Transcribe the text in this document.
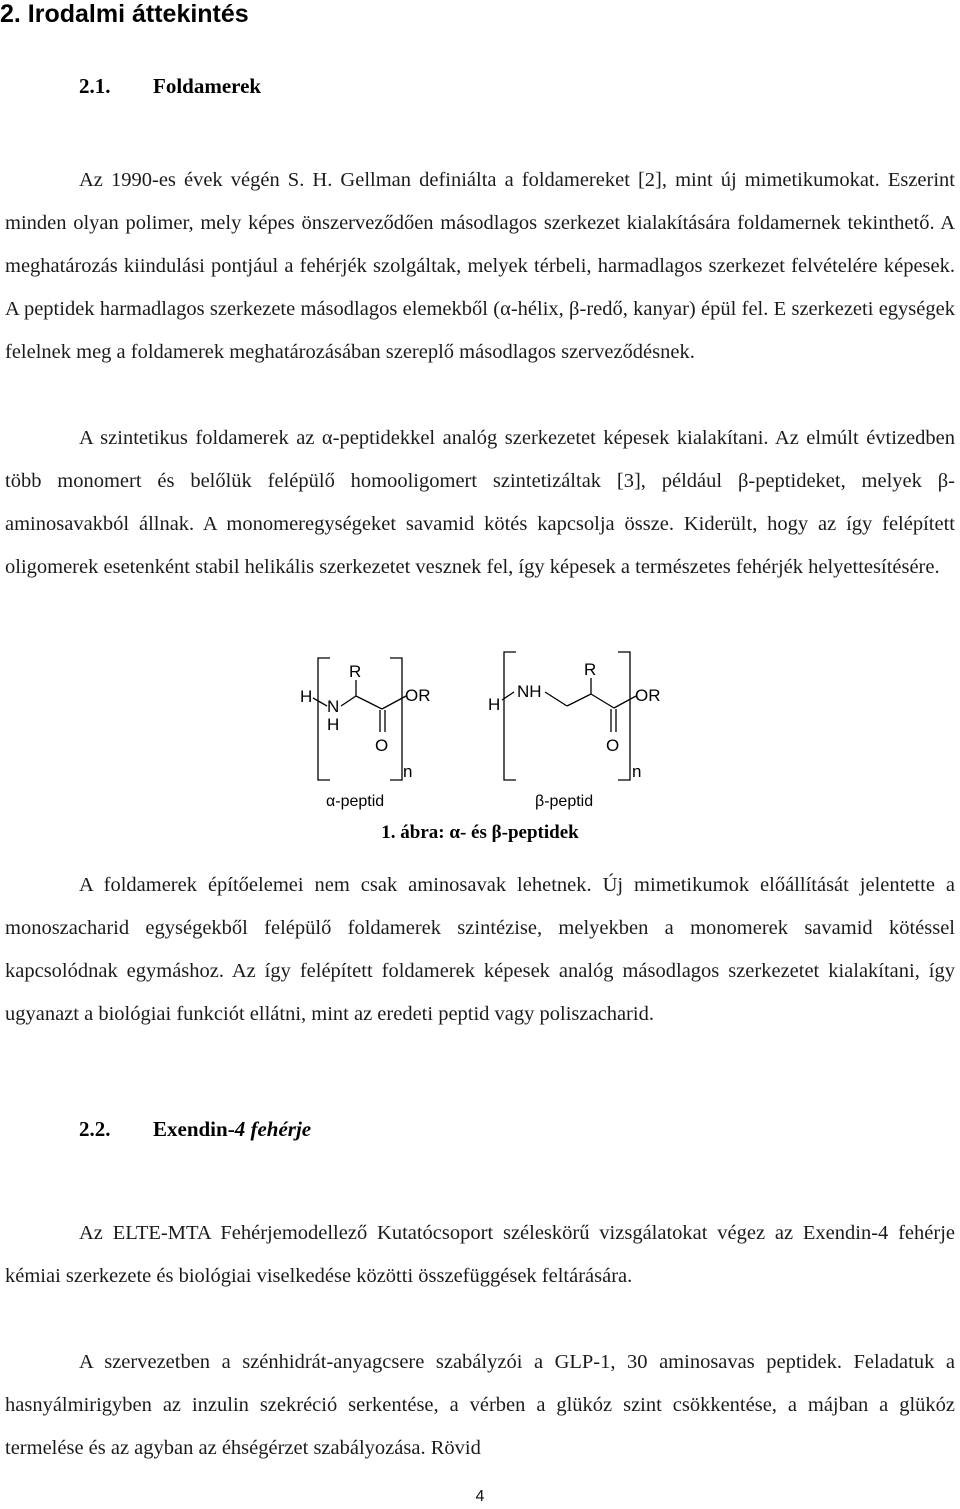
2. Irodalmi áttekintés
2.1. Foldamerek

Az 1990-es évek végén S. H. Gellman definiálta a foldamereket [2], mint új mimetikumokat. Eszerint minden olyan polimer, mely képes önszerveződően másodlagos szerkezet kialakítására foldamernek tekinthető. A meghatározás kiindulási pontjául a fehérjék szolgáltak, melyek térbeli, harmadlagos szerkezet felvételére képesek. A peptidek harmadlagos szerkezete másodlagos elemekből (α-hélix, β-redő, kanyar) épül fel. E szerkezeti egységek felelnek meg a foldamerek meghatározásában szereplő másodlagos szerveződésnek.

A szintetikus foldamerek az α-peptidekkel analóg szerkezetet képesek kialakítani. Az elmúlt évtizedben több monomert és belőlük felépülő homooligomert szintetizáltak [3], például β-peptideket, melyek β-aminosavakból állnak. A monomeregységeket savamid kötés kapcsolja össze. Kiderült, hogy az így felépített oligomerek esetenként stabil helikális szerkezetet vesznek fel, így képesek a természetes fehérjék helyettesítésére.

H
N
H
R
OR
O
n
α-peptid
H
NH
R
OR
O
n
β-peptid
1. ábra: α- és β-peptidek

A foldamerek építőelemei nem csak aminosavak lehetnek. Új mimetikumok előállítását jelentette a monoszacharid egységekből felépülő foldamerek szintézise, melyekben a monomerek savamid kötéssel kapcsolódnak egymáshoz. Az így felépített foldamerek képesek analóg másodlagos szerkezetet kialakítani, így ugyanazt a biológiai funkciót ellátni, mint az eredeti peptid vagy poliszacharid.

2.2. Exendin-4 fehérje

Az ELTE-MTA Fehérjemodellező Kutatócsoport széleskörű vizsgálatokat végez az Exendin-4 fehérje kémiai szerkezete és biológiai viselkedése közötti összefüggések feltárására.

A szervezetben a szénhidrát-anyagcsere szabályzói a GLP-1, 30 aminosavas peptidek. Feladatuk a hasnyálmirigyben az inzulin szekréció serkentése, a vérben a glükóz szint csökkentése, a májban a glükóz termelése és az agyban az éhségérzet szabályozása. Rövid

4
